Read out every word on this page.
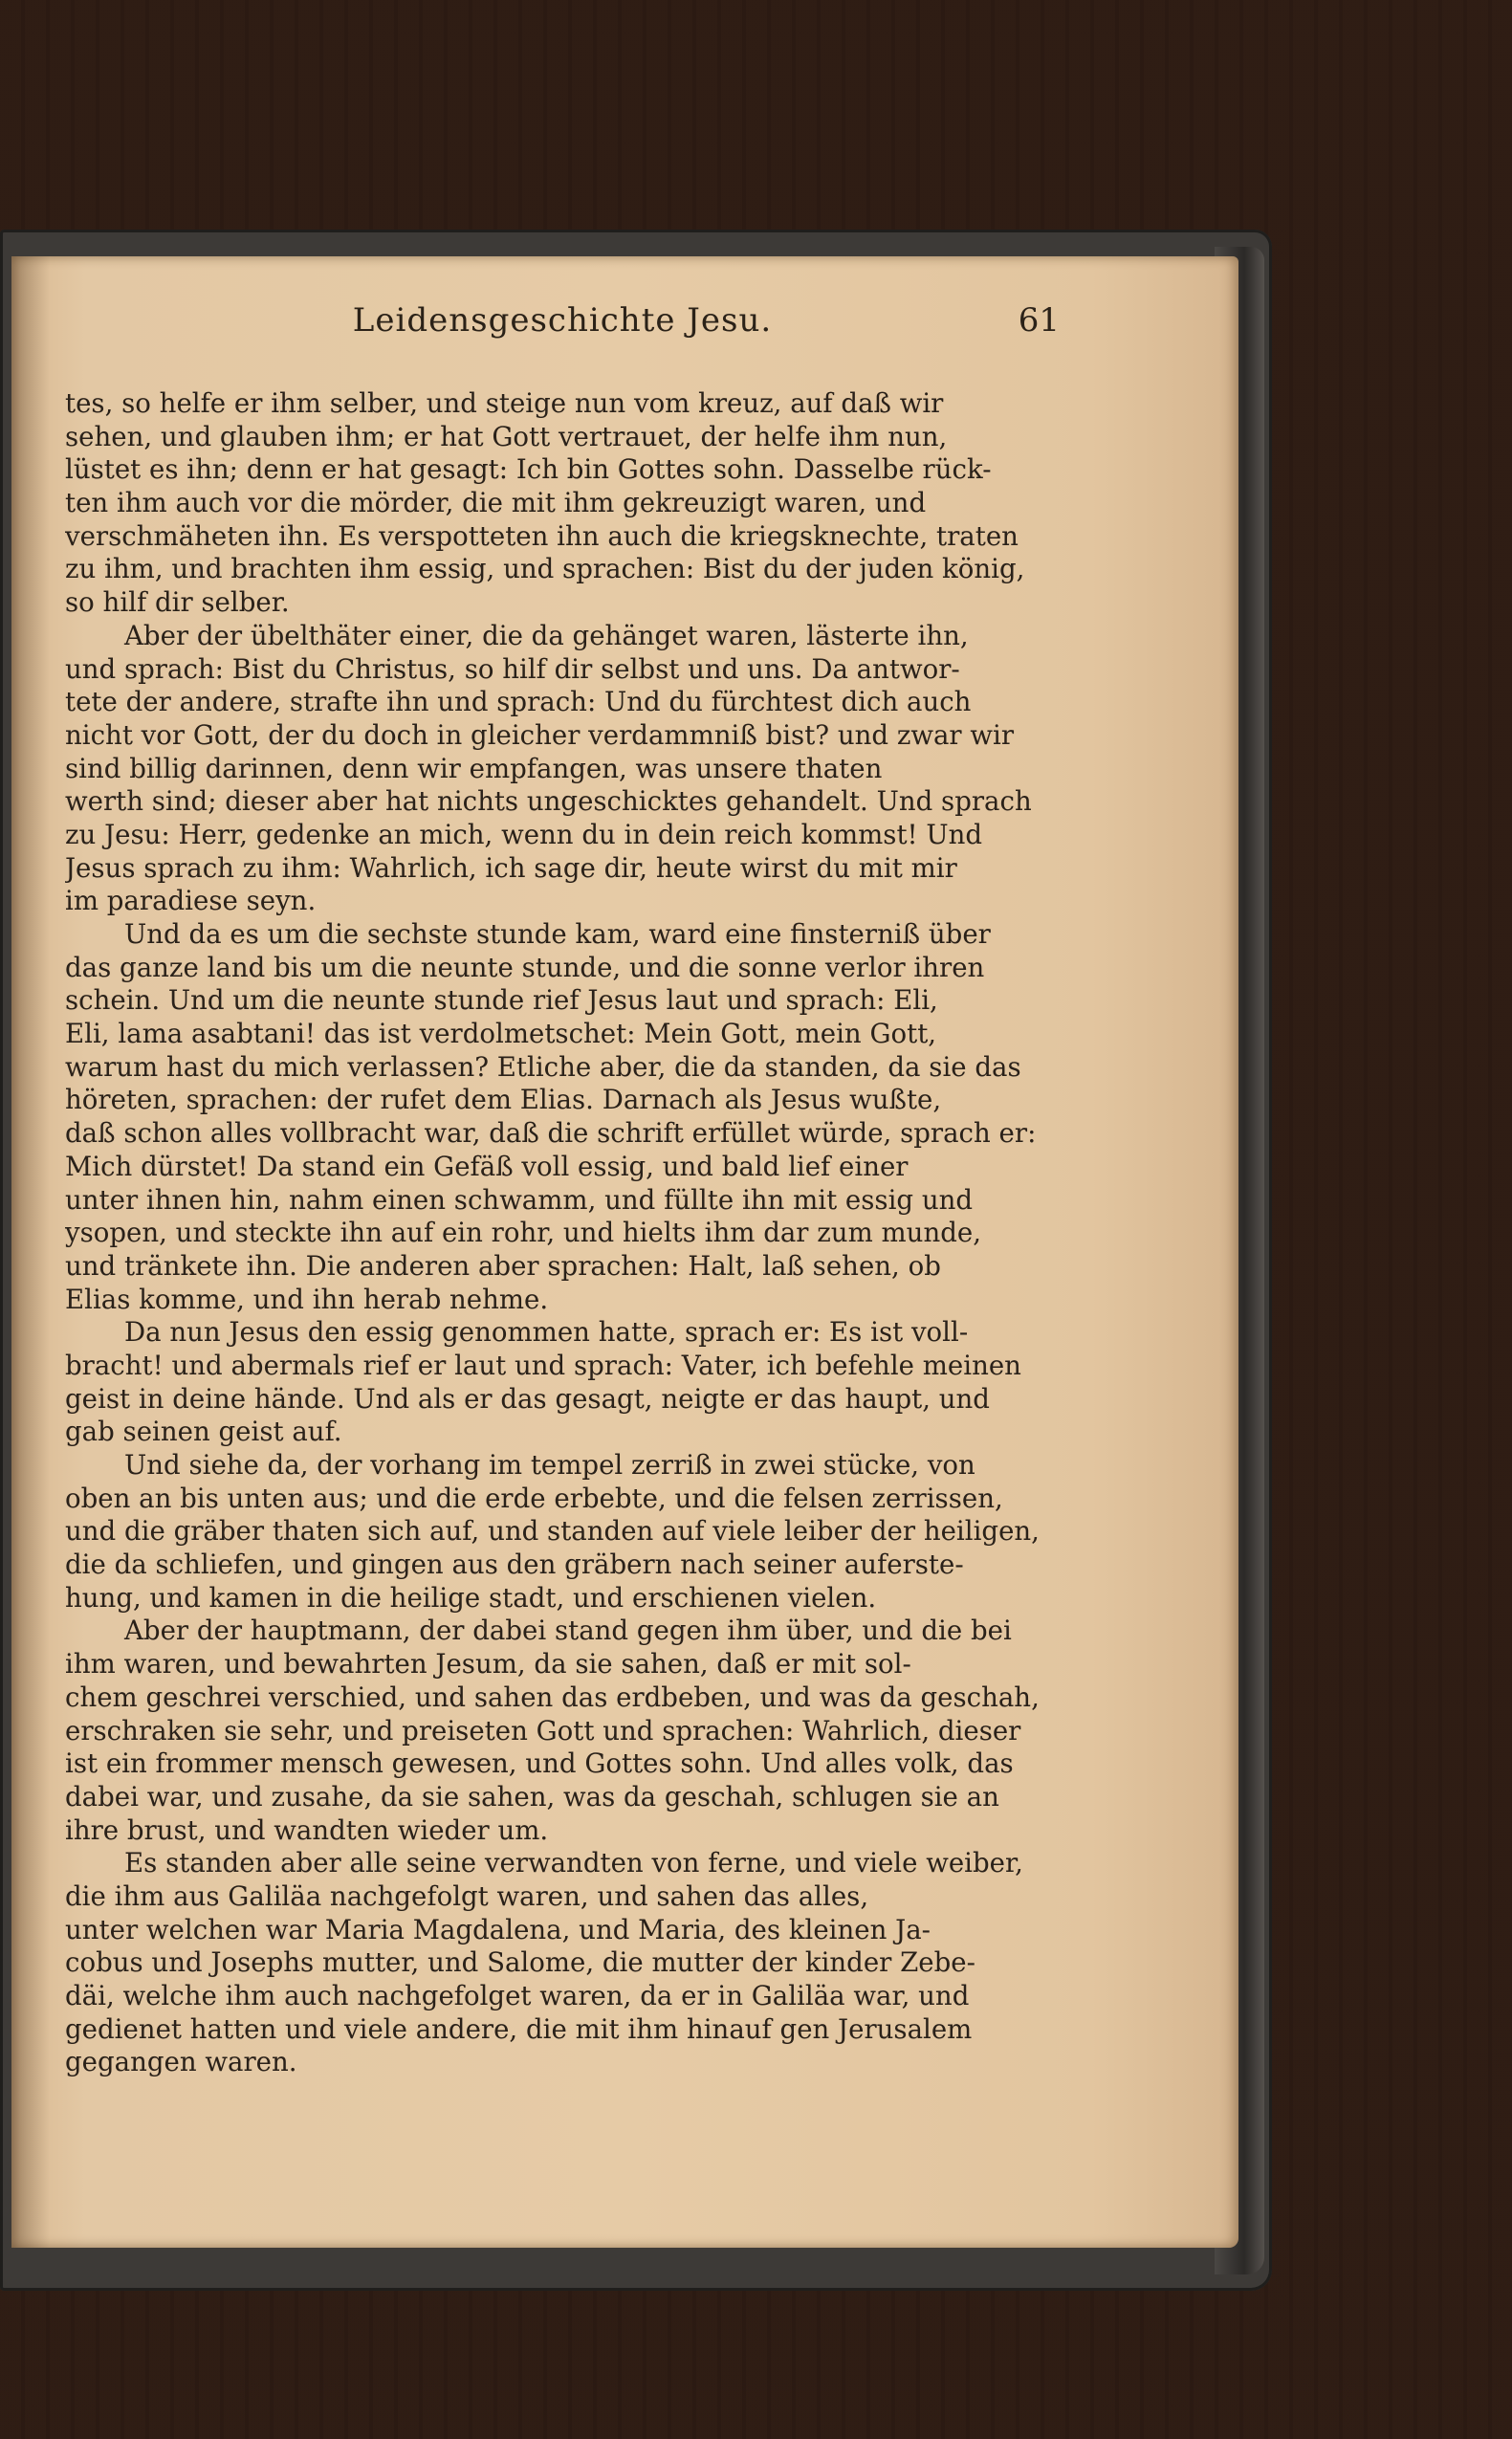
Leidensgeschichte Jesu.	61
tes, so helfe er ihm selber, und steige nun vom kreuz, auf daß wir
sehen, und glauben ihm; er hat Gott vertrauet, der helfe ihm nun,
lüstet es ihn; denn er hat gesagt: Ich bin Gottes sohn. Dasselbe rück-
ten ihm auch vor die mörder, die mit ihm gekreuzigt waren, und
verschmäheten ihn. Es verspotteten ihn auch die kriegsknechte, traten
zu ihm, und brachten ihm essig, und sprachen: Bist du der juden könig,
so hilf dir selber.
Aber der übelthäter einer, die da gehänget waren, lästerte ihn,
und sprach: Bist du Christus, so hilf dir selbst und uns. Da antwor-
tete der andere, strafte ihn und sprach: Und du fürchtest dich auch
nicht vor Gott, der du doch in gleicher verdammniß bist? und zwar wir
sind billig darinnen, denn wir empfangen, was unsere thaten
werth sind; dieser aber hat nichts ungeschicktes gehandelt. Und sprach
zu Jesu: Herr, gedenke an mich, wenn du in dein reich kommst! Und
Jesus sprach zu ihm: Wahrlich, ich sage dir, heute wirst du mit mir
im paradiese seyn.
Und da es um die sechste stunde kam, ward eine finsterniß über
das ganze land bis um die neunte stunde, und die sonne verlor ihren
schein. Und um die neunte stunde rief Jesus laut und sprach: Eli,
Eli, lama asabtani! das ist verdolmetschet: Mein Gott, mein Gott,
warum hast du mich verlassen? Etliche aber, die da standen, da sie das
höreten, sprachen: der rufet dem Elias. Darnach als Jesus wußte,
daß schon alles vollbracht war, daß die schrift erfüllet würde, sprach er:
Mich dürstet! Da stand ein Gefäß voll essig, und bald lief einer
unter ihnen hin, nahm einen schwamm, und füllte ihn mit essig und
ysopen, und steckte ihn auf ein rohr, und hielts ihm dar zum munde,
und tränkete ihn. Die anderen aber sprachen: Halt, laß sehen, ob
Elias komme, und ihn herab nehme.
Da nun Jesus den essig genommen hatte, sprach er: Es ist voll-
bracht! und abermals rief er laut und sprach: Vater, ich befehle meinen
geist in deine hände. Und als er das gesagt, neigte er das haupt, und
gab seinen geist auf.
Und siehe da, der vorhang im tempel zerriß in zwei stücke, von
oben an bis unten aus; und die erde erbebte, und die felsen zerrissen,
und die gräber thaten sich auf, und standen auf viele leiber der heiligen,
die da schliefen, und gingen aus den gräbern nach seiner auferste-
hung, und kamen in die heilige stadt, und erschienen vielen.
Aber der hauptmann, der dabei stand gegen ihm über, und die bei
ihm waren, und bewahrten Jesum, da sie sahen, daß er mit sol-
chem geschrei verschied, und sahen das erdbeben, und was da geschah,
erschraken sie sehr, und preiseten Gott und sprachen: Wahrlich, dieser
ist ein frommer mensch gewesen, und Gottes sohn. Und alles volk, das
dabei war, und zusahe, da sie sahen, was da geschah, schlugen sie an
ihre brust, und wandten wieder um.
Es standen aber alle seine verwandten von ferne, und viele weiber,
die ihm aus Galiläa nachgefolgt waren, und sahen das alles,
unter welchen war Maria Magdalena, und Maria, des kleinen Ja-
cobus und Josephs mutter, und Salome, die mutter der kinder Zebe-
däi, welche ihm auch nachgefolget waren, da er in Galiläa war, und
gedienet hatten und viele andere, die mit ihm hinauf gen Jerusalem
gegangen waren.
